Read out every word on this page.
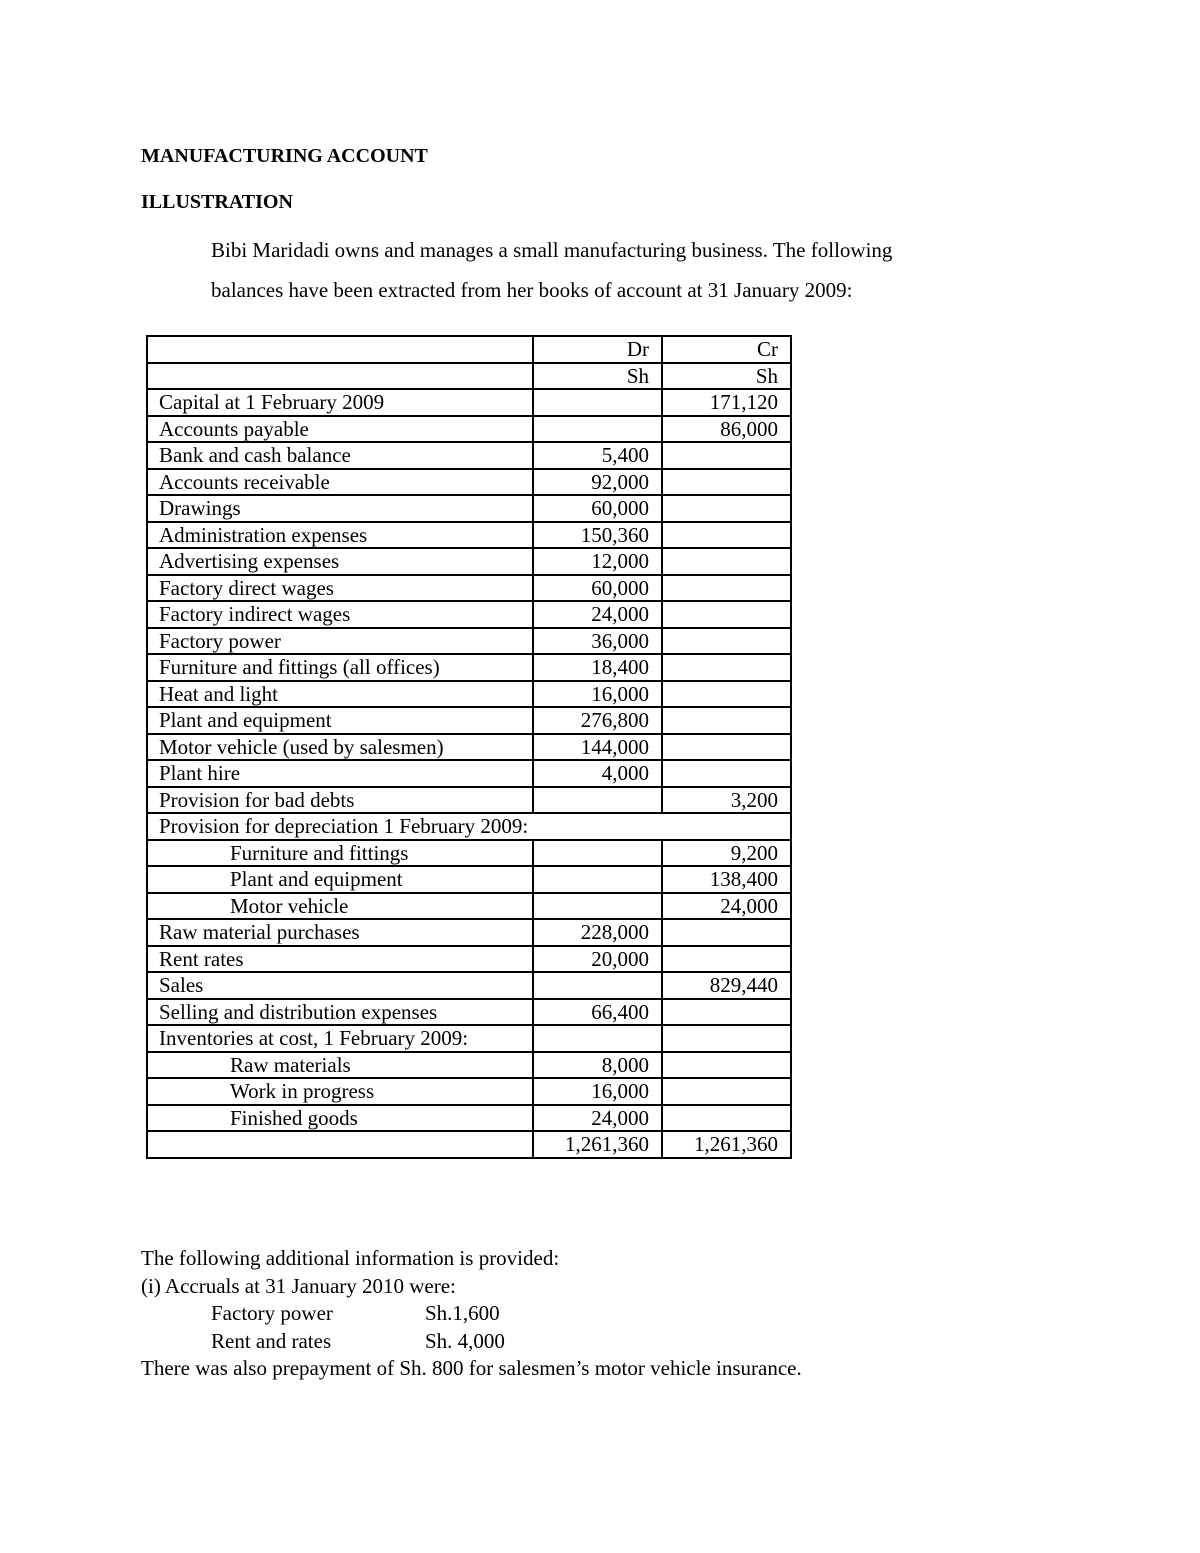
MANUFACTURING ACCOUNT
ILLUSTRATION
Bibi Maridadi owns and manages a small manufacturing business. The following
balances have been extracted from her books of account at 31 January 2009:
	Dr	Cr
	Sh	Sh
Capital at 1 February 2009		171,120
Accounts payable		86,000
Bank and cash balance	5,400	
Accounts receivable	92,000	
Drawings	60,000	
Administration expenses	150,360	
Advertising expenses	12,000	
Factory direct wages	60,000	
Factory indirect wages	24,000	
Factory power	36,000	
Furniture and fittings (all offices)	18,400	
Heat and light	16,000	
Plant and equipment	276,800	
Motor vehicle (used by salesmen)	144,000	
Plant hire	4,000	
Provision for bad debts		3,200
Provision for depreciation 1 February 2009:		
Furniture and fittings		9,200
Plant and equipment		138,400
Motor vehicle		24,000
Raw material purchases	228,000	
Rent rates	20,000	
Sales		829,440
Selling and distribution expenses	66,400	
Inventories at cost, 1 February 2009:		
Raw materials	8,000	
Work in progress	16,000	
Finished goods	24,000	
	1,261,360	1,261,360
The following additional information is provided:
(i) Accruals at 31 January 2010 were:
Factory power	Sh.1,600
Rent and rates	Sh. 4,000
There was also prepayment of Sh. 800 for salesmen’s motor vehicle insurance.
